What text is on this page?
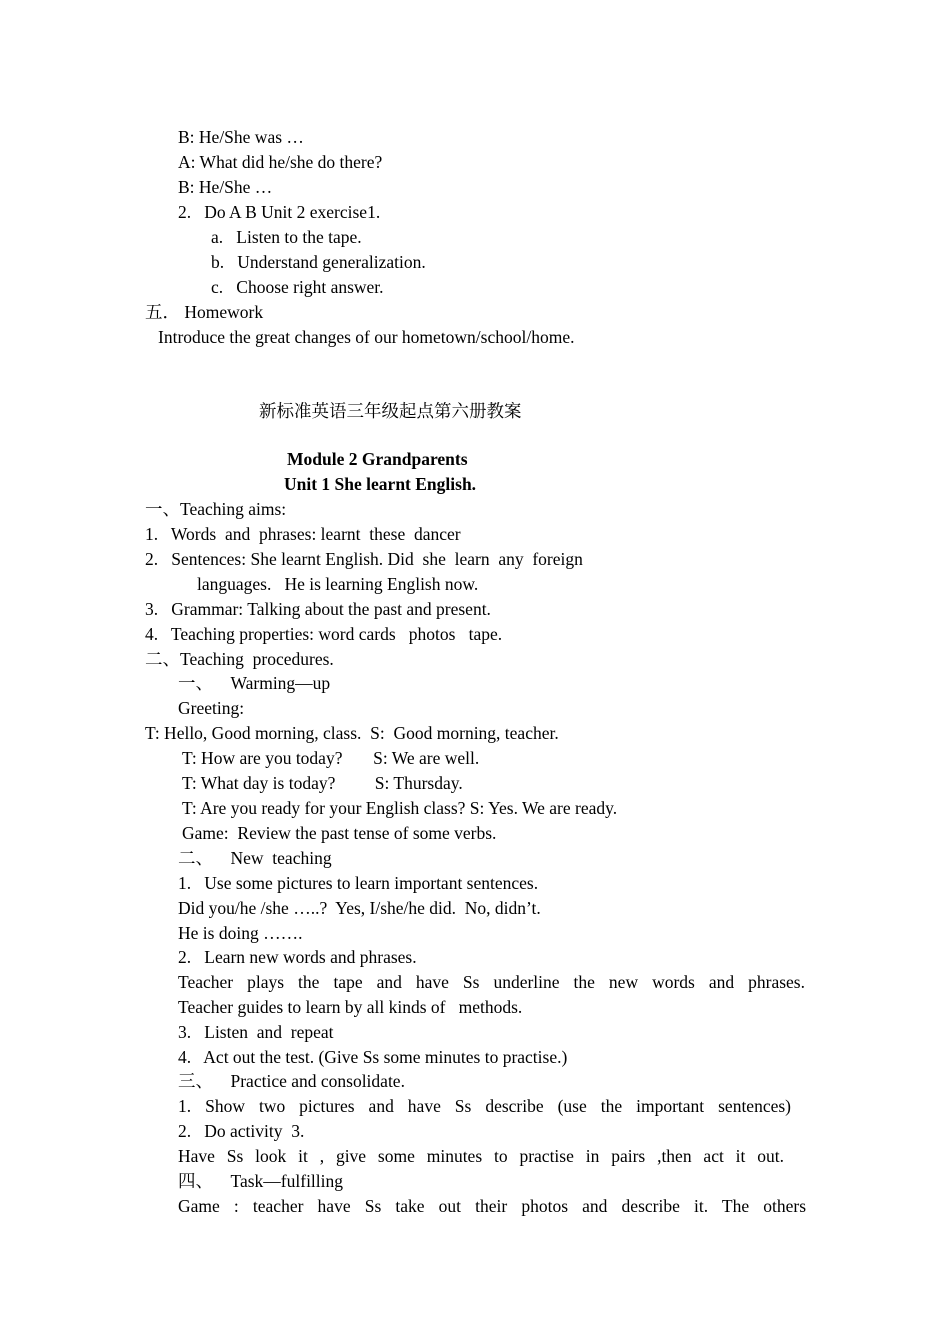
B: He/She was …
A: What did he/she do there?
B: He/She …
2.   Do A B Unit 2 exercise1.
a.   Listen to the tape.
b.   Understand generalization.
c.   Choose right answer.
五． Homework
Introduce the great changes of our hometown/school/home.
新标准英语三年级起点第六册教案
Module 2 Grandparents
Unit 1 She learnt English.
一、Teaching aims:
1.   Words  and  phrases: learnt  these  dancer
2.   Sentences: She learnt English. Did  she  learn  any  foreign
languages.   He is learning English now.
3.   Grammar: Talking about the past and present.
4.   Teaching properties: word cards   photos   tape.
二、Teaching  procedures.
一、    Warming—up
Greeting:
T: Hello, Good morning, class.  S:  Good morning, teacher.
T: How are you today?       S: We are well.
T: What day is today?         S: Thursday.
T: Are you ready for your English class? S: Yes. We are ready.
Game:  Review the past tense of some verbs.
二、    New  teaching
1.   Use some pictures to learn important sentences.
Did you/he /she …..?  Yes, I/she/he did.  No, didn’t.
He is doing …….
2.   Learn new words and phrases.
Teacher plays the tape and have Ss underline the new words and phrases.
Teacher guides to learn by all kinds of   methods.
3.   Listen  and  repeat
4.   Act out the test. (Give Ss some minutes to practise.)
三、    Practice and consolidate.
1. Show two pictures and have Ss describe (use the important sentences)
2.   Do activity  3.
Have Ss look it , give some minutes to practise in pairs ,then act it out.
四、    Task—fulfilling
Game : teacher have Ss take out their photos and describe it. The others
